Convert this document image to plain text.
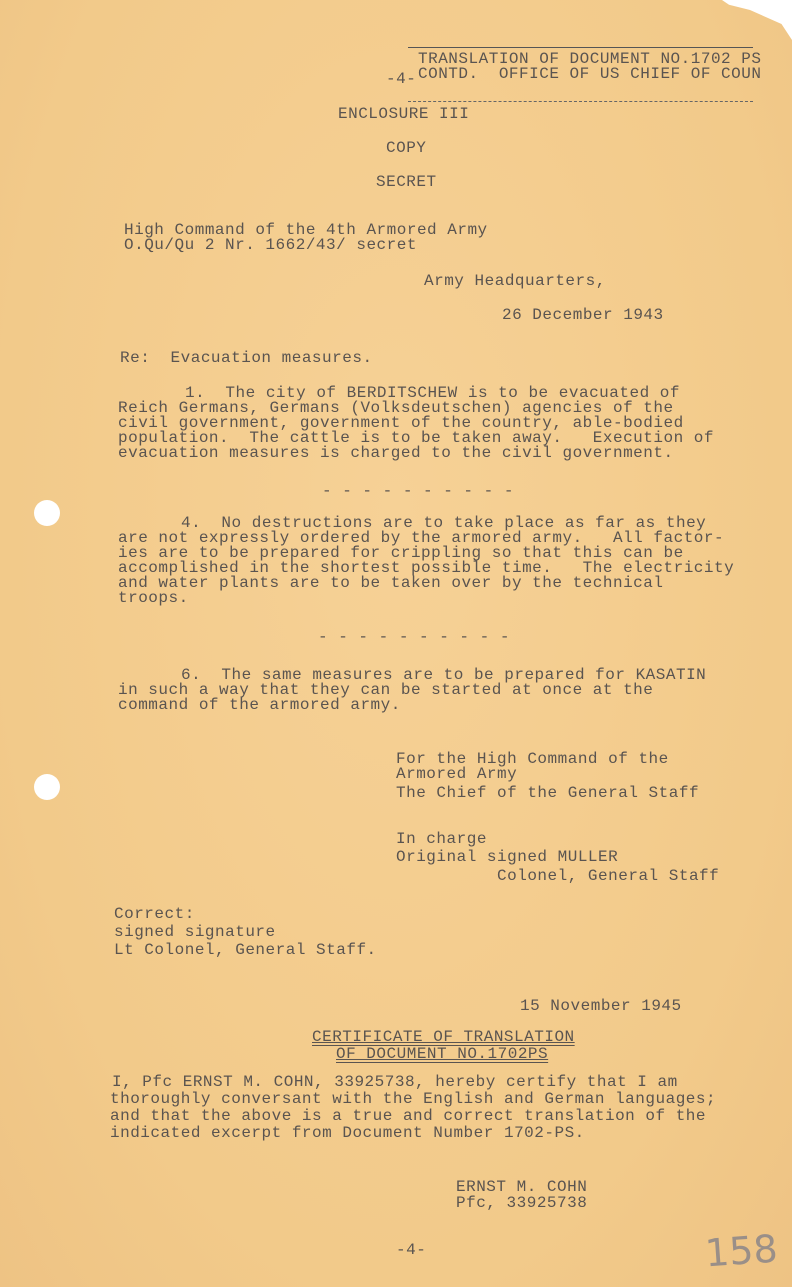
TRANSLATION OF DOCUMENT NO.1702 PS
-4- CONTD.  OFFICE OF US CHIEF OF COUN
ENCLOSURE III
COPY
SECRET
High Command of the 4th Armored Army
O.Qu/Qu 2 Nr. 1662/43/ secret
Army Headquarters,
26 December 1943
Re:  Evacuation measures.
1.  The city of BERDITSCHEW is to be evacuated of
Reich Germans, Germans (Volksdeutschen) agencies of the
civil government, government of the country, able-bodied
population.  The cattle is to be taken away.   Execution of
evacuation measures is charged to the civil government.
- - - - - - - - - -
4.  No destructions are to take place as far as they
are not expressly ordered by the armored army.   All factor-
ies are to be prepared for crippling so that this can be
accomplished in the shortest possible time.   The electricity
and water plants are to be taken over by the technical
troops.
- - - - - - - - - -
6.  The same measures are to be prepared for KASATIN
in such a way that they can be started at once at the
command of the armored army.
For the High Command of the
Armored Army
The Chief of the General Staff
In charge
Original signed MULLER
Colonel, General Staff
Correct:
signed signature
Lt Colonel, General Staff.
15 November 1945
CERTIFICATE OF TRANSLATION
OF DOCUMENT NO.1702PS
I, Pfc ERNST M. COHN, 33925738, hereby certify that I am
thoroughly conversant with the English and German languages;
and that the above is a true and correct translation of the
indicated excerpt from Document Number 1702-PS.
ERNST M. COHN
Pfc, 33925738
-4-	158
